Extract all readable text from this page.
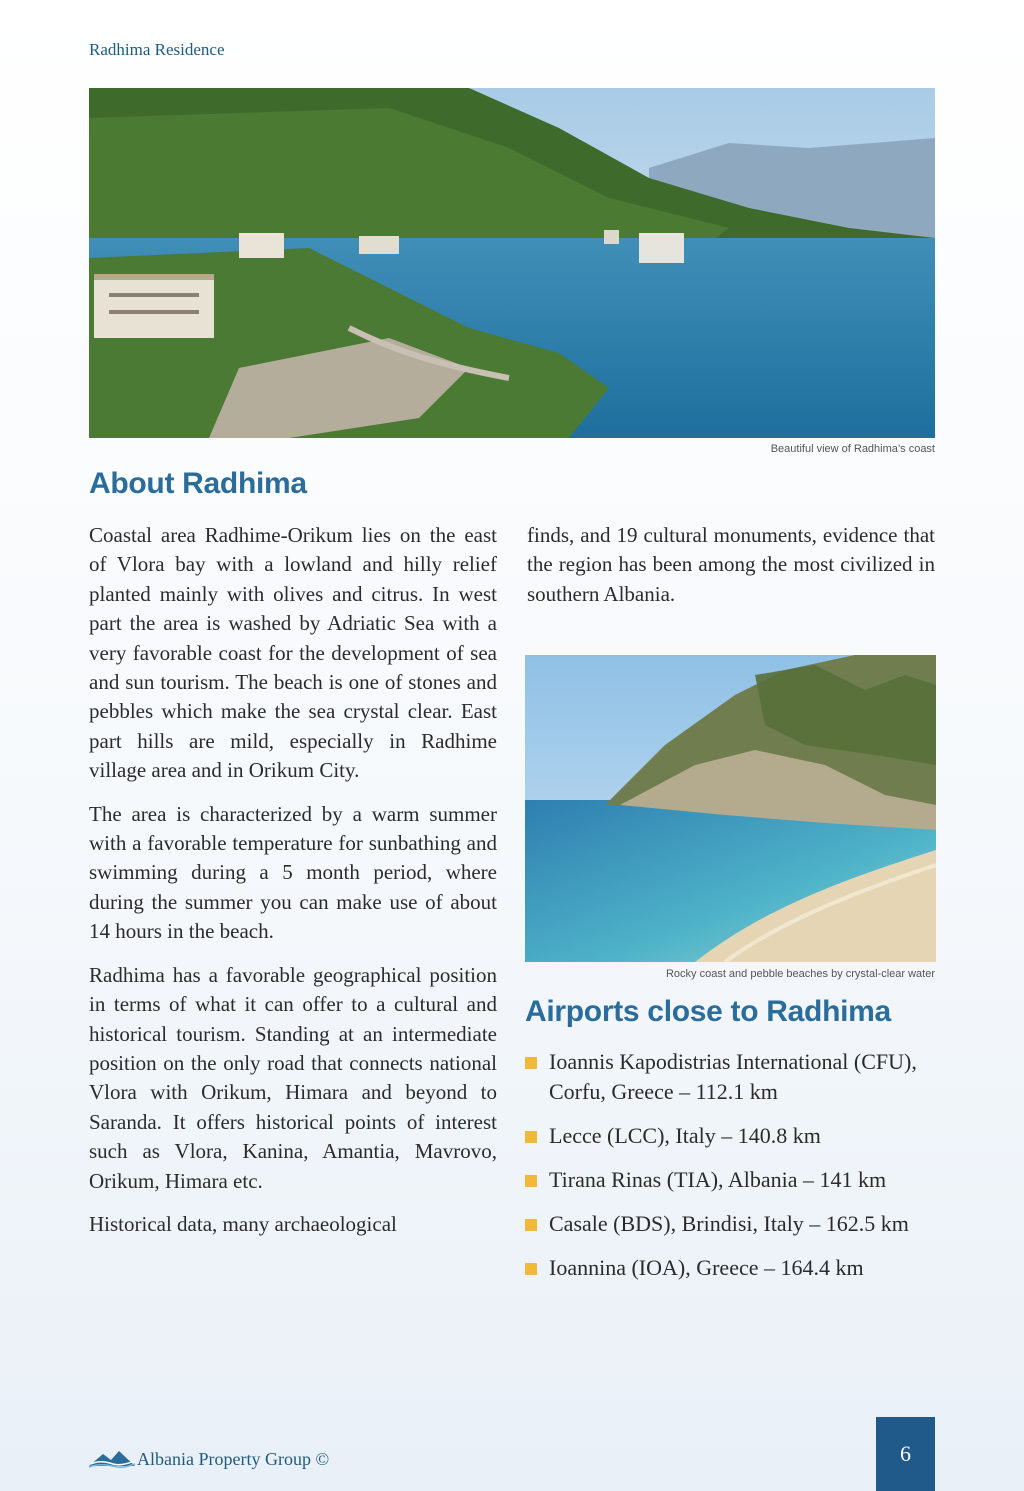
Radhima Residence
Beautiful view of Radhima’s coast
About Radhima

Coastal area Radhime-Orikum lies on the east of Vlora bay with a lowland and hilly relief planted mainly with olives and citrus. In west part the area is washed by Adriatic Sea with a very favorable coast for the development of sea and sun tourism. The beach is one of stones and pebbles which make the sea crystal clear. East part hills are mild, especially in Radhime village area and in Orikum City.

The area is characterized by a warm summer with a favorable temperature for sunbathing and swimming during a 5 month period, where during the summer you can make use of about 14 hours in the beach.

Radhima has a favorable geographical position in terms of what it can offer to a cultural and historical tourism. Standing at an intermediate position on the only road that connects national Vlora with Orikum, Himara and beyond to Saranda. It offers historical points of interest such as Vlora, Kanina, Amantia, Mavrovo, Orikum, Himara etc.

Historical data, many archaeological

finds, and 19 cultural monuments, evidence that the region has been among the most civilized in southern Albania.

Rocky coast and pebble beaches by crystal-clear water
Airports close to Radhima
Ioannis Kapodistrias International (CFU), Corfu, Greece – 112.1 km
Lecce (LCC), Italy – 140.8 km
Tirana Rinas (TIA), Albania – 141 km
Casale (BDS), Brindisi, Italy – 162.5 km
Ioannina (IOA), Greece – 164.4 km
Albania Property Group ©	6
